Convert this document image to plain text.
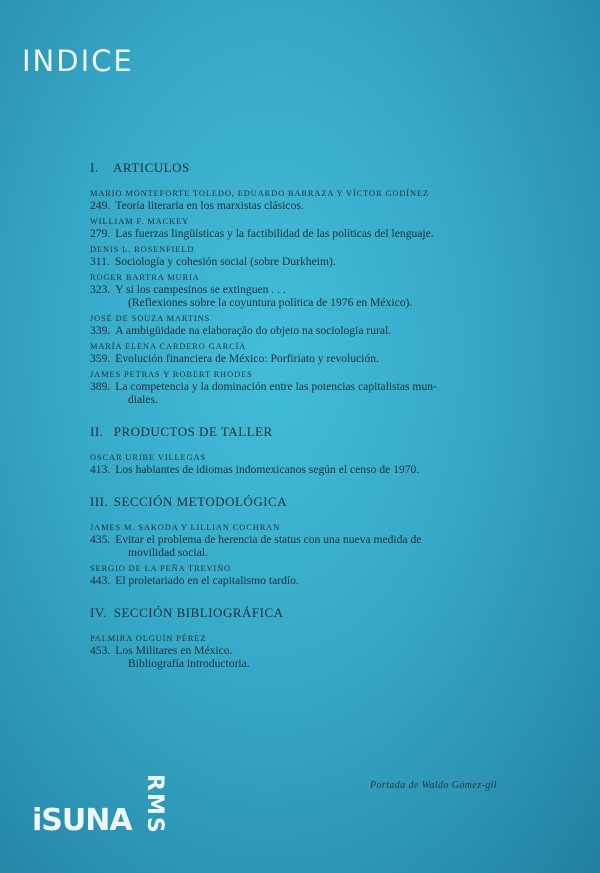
INDICE
I. ARTICULOS
MARIO MONTEFORTE TOLEDO, EDUARDO BARRAZA Y VÍCTOR GODÍNEZ
249. Teoría literaria en los marxistas clásicos.
WILLIAM F. MACKEY
279. Las fuerzas lingüísticas y la factibilidad de las políticas del lenguaje.
DENIS L. ROSENFIELD
311. Sociología y cohesión social (sobre Durkheim).
ROGER BARTRA MURIA
323. Y si los campesinos se extinguen . . .
(Reflexiones sobre la coyuntura política de 1976 en México).
JOSÉ DE SOUZA MARTINS
339. A ambigüidade na elaboração do objeto na sociologia rural.
MARÍA ELENA CARDERO GARCÍA
359. Evolución financiera de México: Porfiriato y revolución.
JAMES PETRAS Y ROBERT RHODES
389. La competencia y la dominación entre las potencias capitalistas mun-
diales.
II. PRODUCTOS DE TALLER
OSCAR URIBE VILLEGAS
413. Los hablantes de idiomas indomexicanos según el censo de 1970.
III. SECCIÓN METODOLÓGICA
JAMES M. SAKODA Y LILLIAN COCHRAN
435. Evitar el problema de herencia de status con una nueva medida de
movilidad social.
SERGIO DE LA PEÑA TREVIÑO
443. El proletariado en el capitalismo tardío.
IV. SECCIÓN BIBLIOGRÁFICA
PALMIRA OLGUÍN PÉREZ
453. Los Militares en México.
Bibliografía introductoria.
Portada de Waldo Gómez-gil
iSUNA RMS
